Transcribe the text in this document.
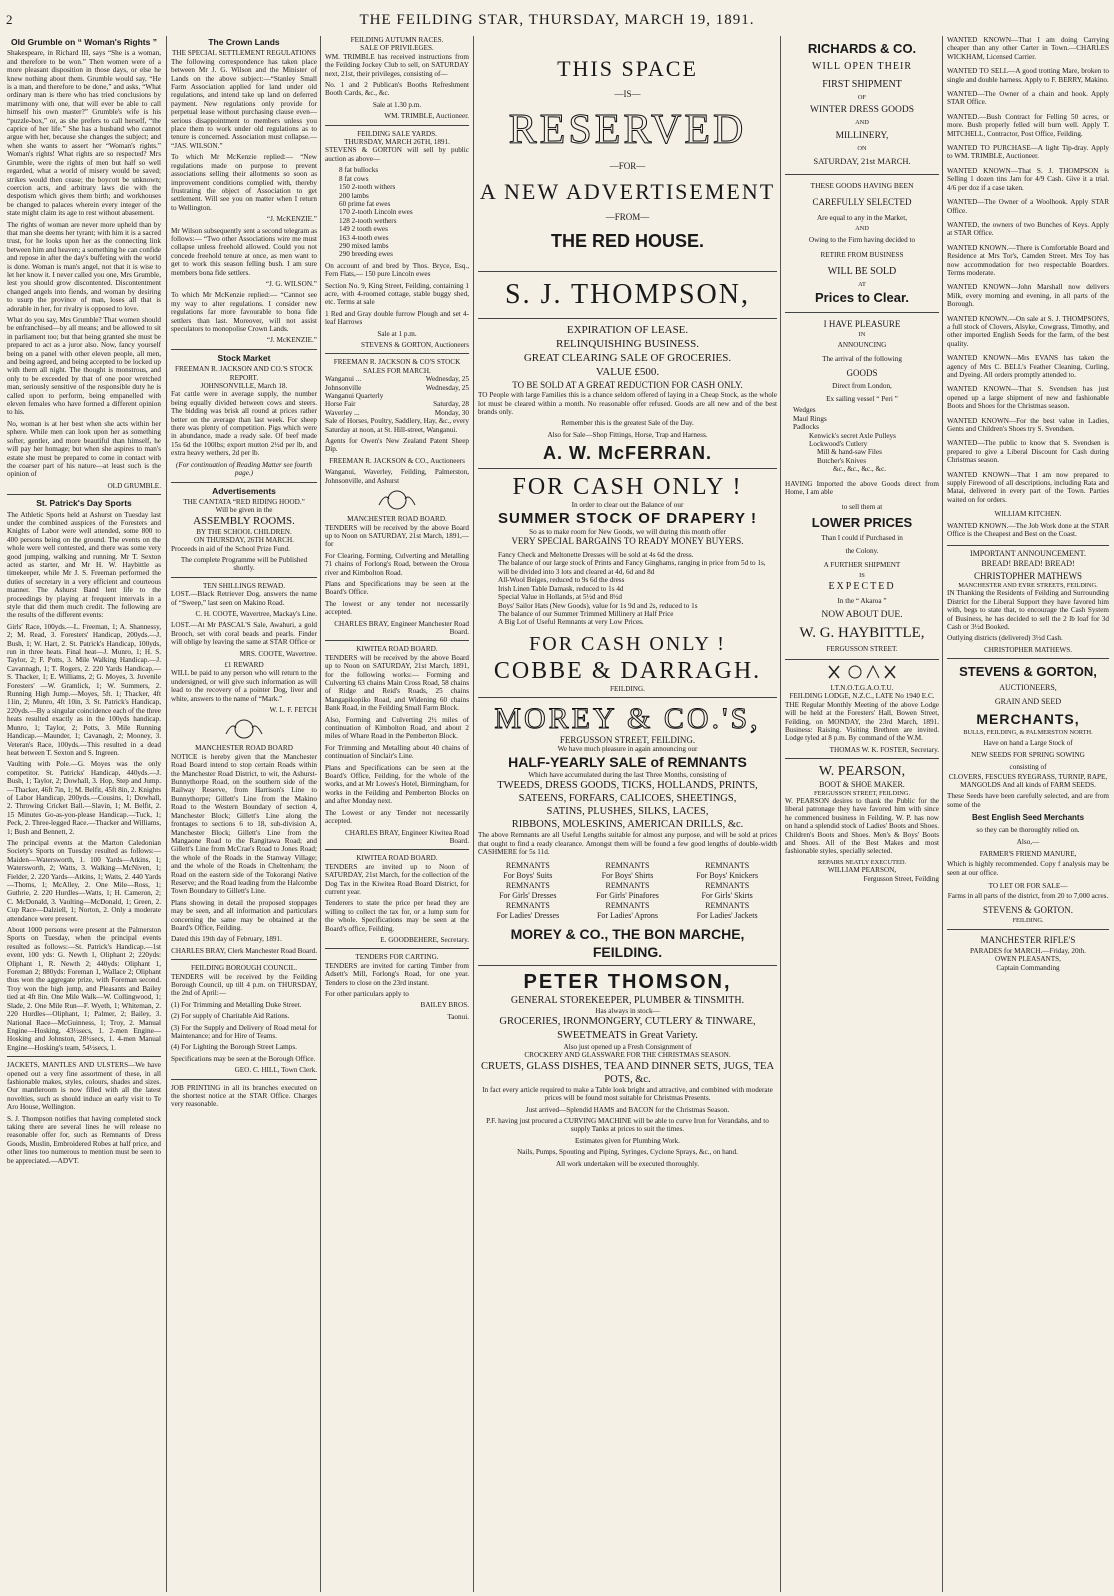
2	THE FEILDING STAR, THURSDAY, MARCH 19, 1891.
Old Grumble on “ Woman's Rights ”

Shakespeare, in Richard III, says “She is a woman, and therefore to be won.” Then women were of a more pleasant disposition in those days, or else he knew nothing about them. Grumble would say, “He is a man, and therefore to be done,” and asks, “What ordinary man is there who has tried conclusions by matrimony with one, that will ever be able to call himself his own master?” Grumble's wife is his “puzzle-box,” or, as she prefers to call herself, “the caprice of her life.” She has a husband who cannot argue with her, because she changes the subject; and when she wants to assert her “Woman's rights.” Woman's rights! What rights are so respected? Mrs Grumble, were the rights of men but half so well regarded, what a world of misery would be saved; strikes would then cease; the boycott be unknown; coercion acts, and arbitrary laws die with the despotism which gives them birth; and workhouses be changed to palaces wherein every integer of the state might claim its age to rest without abasement.

The rights of woman are never more upheld than by that man she deems her tyrant; with him it is a sacred trust, for he looks upon her as the connecting link between him and heaven; a something he can confide and repose in after the day's buffeting with the world is done. Woman is man's angel, not that it is wise to let her know it. I never called you one, Mrs Grumble, lest you should grow discontented. Discontentment changed angels into fiends, and woman by desiring to usurp the province of man, loses all that is adorable in her, for rivalry is opposed to love.

What do you say, Mrs Grumble? That women should be enfranchised—by all means; and be allowed to sit in parliament too; but that being granted she must be prepared to act as a juror also. Now, fancy yourself being on a panel with other eleven people, all men, and being agreed, and being accepted to be locked up with them all night. The thought is monstrous, and only to be exceeded by that of one poor wretched man, seriously sensitive of the responsible duty he is called upon to perform, being empanelled with eleven females who have formed a different opinion to his.

No, woman is at her best when she acts within her sphere. While men can look upon her as something softer, gentler, and more beautiful than himself, he will pay her homage; but when she aspires to man's estate she must be prepared to come in contact with the coarser part of his nature—at least such is the opinion of

OLD GRUMBLE.

St. Patrick's Day Sports

The Athletic Sports held at Ashurst on Tuesday last under the combined auspices of the Foresters and Knights of Labor were well attended, some 800 to 400 persons being on the ground. The events on the whole were well contested, and there was some very good jumping, walking and running. Mr T. Sexton acted as starter, and Mr H. W. Haybittle as timekeeper, while Mr J. S. Freeman performed the duties of secretary in a very efficient and courteous manner. The Ashurst Band lent life to the proceedings by playing at frequent intervals in a style that did them much credit. The following are the results of the different events:

Girls' Race, 100yds.—L. Freeman, 1; A. Shannessy, 2; M. Read, 3. Foresters' Handicap, 200yds.—J. Bush, 1; W. Hart, 2. St. Patrick's Handicap, 100yds, run in three heats. Final heat—J. Munro, 1; H. S. Taylor, 2; F. Potts, 3. Mile Walking Handicap.—J. Cavannagh, 1; T. Rogers, 2. 220 Yards Handicap.—S. Thacker, 1; E. Williams, 2; G. Moyes, 3. Juvenile Foresters' —W. Gramlick, 1; W. Summers, 2. Running High Jump.—Moyes, 5ft. 1; Thacker, 4ft 11in, 2; Munro, 4ft 10in, 3. St. Patrick's Handicap, 220yds.—By a singular coincidence each of the three heats resulted exactly as in the 100yds handicap. Munro, 1; Taylor, 2; Potts, 3. Mile Running Handicap.—Maunder, 1; Cavanagh, 2; Mooney, 3. Veteran's Race, 100yds.—This resulted in a dead heat between T. Sexton and S. Ingreen.

Vaulting with Pole.—G. Moyes was the only competitor. St. Patricks' Handicap, 440yds.—J. Bush, 1; Taylor, 2; Dowhall, 3. Hop, Step and Jump.—Thacker, 46ft 7in, 1; M. Belfit, 45ft 8in, 2. Knights of Labor Handicap, 200yds.—Cousins, 1; Dowhall, 2. Throwing Cricket Ball.—Slavin, 1; M. Belfit, 2. 15 Minutes Go-as-you-please Handicap.—Tuck, 1; Peck, 2. Three-legged Race.—Thacker and Williams, 1; Bush and Bennett, 2.

The principal events at the Marton Caledonian Society's Sports on Tuesday resulted as follows:—Maiden—Watersworth, 1. 100 Yards—Atkins, 1; Watersworth, 2; Watts, 3. Walking—McNiven, 1; Fielder, 2. 220 Yards—Atkins, 1; Watts, 2. 440 Yards—Thoms, 1; McAlley, 2. One Mile—Ross, 1; Guthrie, 2. 220 Hurdles—Watts, 1; H. Cameron, 2; C. McDonald, 3. Vaulting—McDonald, 1; Green, 2. Cup Race—Dalziell, 1; Norton, 2. Only a moderate attendance were present.

About 1000 persons were present at the Palmerston Sports on Tuesday, when the principal events resulted as follows:—St. Patrick's Handicap.—1st event, 100 yds: G. Newth 1, Oliphant 2; 220yds: Oliphant 1, R. Newth 2; 440yds: Oliphant 1, Foreman 2; 880yds: Foreman 1, Wallace 2; Oliphant thus won the aggregate prize, with Foreman second. Troy won the high jump, and Pleasants and Bailey tied at 4ft 8in. One Mile Walk—W. Collingwood, 1; Slade, 2. One Mile Run—F. Wyeth, 1; Whiteman, 2. 220 Hurdles—Oliphant, 1; Palmer, 2; Bailey, 3. National Race—McGuinness, 1; Troy, 2. Manual Engine—Hosking, 43½secs, 1. 2-men Engine—Hosking and Johnston, 28½secs, 1. 4-men Manual Engine—Hosking's team, 54½secs, 1.

JACKETS, MANTLES AND ULSTERS—We have opened out a very fine assortment of these, in all fashionable makes, styles, colours, shades and sizes. Our mantleroom is now filled with all the latest novelties, such as should induce an early visit to Te Aro House, Wellington.

S. J. Thompson notifies that having completed stock taking there are several lines he will release no reasonable offer for, such as Remnants of Dress Goods, Muslin, Embroidered Robes at half price, and other lines too numerous to mention must be seen to be appreciated.—ADVT.

The Crown Lands
THE SPECIAL SETTLEMENT REGULATIONS

The following correspondence has taken place between Mr J. G. Wilson and the Minister of Lands on the above subject:—“Stanley Small Farm Association applied for land under old regulations, and intend take up land on deferred payment. New regulations only provide for perpetual lease without purchasing clause even—serious disappointment to members unless you place them to work under old regulations as to tenure is concerned. Association must collapse.— “JAS. WILSON.”

To which Mr McKenzie replied:— “New regulations made on purpose to prevent associations selling their allotments so soon as improvement conditions complied with, thereby frustrating the object of Association to get settlement. Will see you on matter when I return to Wellington.

“J. McKENZIE.”

Mr Wilson subsequently sent a second telegram as follows:— “Two other Associations wire me must collapse unless freehold allowed. Could you not concede freehold tenure at once, as men want to get to work this season felling bush. I am sure members bona fide settlers.

“J. G. WILSON.”

To which Mr McKenzie replied:— “Cannot see my way to alter regulations. I consider new regulations far more favourable to bona fide settlers than last. Moreover, will not assist speculators to monopolise Crown Lands.

“J. McKENZIE.”

Stock Market
FREEMAN R. JACKSON AND CO.'S STOCK REPORT.
JOHNSONVILLE, March 18.

Fat cattle were in average supply, the number being equally divided between cows and steers. The bidding was brisk all round at prices rather better on the average than last week. For sheep there was plenty of competition. Pigs which were in abundance, made a ready sale. Of beef made 15s 6d the 100lbs; export mutton 2½d per lb, and extra heavy wethers, 2d per lb.

(For continuation of Reading Matter see fourth page.)

Advertisements
THE CANTATA “RED RIDING HOOD.”
Will be given in the
ASSEMBLY ROOMS.
BY THE SCHOOL CHILDREN.
ON THURSDAY, 26TH MARCH.

Proceeds in aid of the School Prize Fund.

The complete Programme will be Published shortly.

TEN SHILLINGS REWAD.

LOST.—Black Retriever Dog, answers the name of “Sweep,” last seen on Makino Road.

C. H. COOTE, Wavertree, Mackay's Line.

LOST.—At Mr PASCAL'S Sale, Awahuri, a gold Brooch, set with coral beads and pearls. Finder will oblige by leaving the same at STAR Office or

MRS. COOTE, Wavertree.

£1 REWARD

WILL be paid to any person who will return to the undersigned, or will give such information as will lead to the recovery of a pointer Dog, liver and white, answers to the name of “Mark.”

W. L. F. FETCH

MANCHESTER ROAD BOARD

NOTICE is hereby given that the Manchester Road Board intend to stop certain Roads within the Manchester Road District, to wit, the Ashurst-Bunnythorpe Road, on the southern side of the Railway Reserve, from Harrison's Line to Bunnythorpe; Gillett's Line from the Makino Road to the Western Boundary of section 4, Manchester Block; Gillett's Line along the frontages to sections 6 to 18, sub-division A, Manchester Block; Gillett's Line from the Mangaone Road to the Rangitawa Road; and Gillett's Line from McCrae's Road to Jones Road; the whole of the Roads in the Stanway Village; and the whole of the Roads in Cheltenham; the Road on the eastern side of the Tokorangi Native Reserve; and the Road leading from the Halcombe Town Boundary to Gillett's Line.

Plans showing in detail the proposed stoppages may be seen, and all information and particulars concerning the same may be obtained at the Board's Office, Feilding.

Dated this 19th day of February, 1891.

CHARLES BRAY, Clerk Manchester Road Board.

FEILDING BOROUGH COUNCIL.

TENDERS will be received by the Feilding Borough Council, up till 4 p.m. on THURSDAY, the 2nd of April:—

(1) For Trimming and Metalling Duke Street.

(2) For supply of Charitable Aid Rations.

(3) For the Supply and Delivery of Road metal for Maintenance; and for Hire of Teams.

(4) For Lighting the Borough Street Lamps.

Specifications may be seen at the Borough Office.

GEO. C. HILL, Town Clerk.

JOB PRINTING in all its branches executed on the shortest notice at the STAR Office. Charges very reasonable.

FEILDING AUTUMN RACES.
SALE OF PRIVILEGES.

WM. TRIMBLE has received instructions from the Feilding Jockey Club to sell, on SATURDAY next, 21st, their privileges, consisting of—

No. 1 and 2 Publican's Booths Refreshment Booth Cards, &c., &c.

Sale at 1.30 p.m.

WM. TRIMBLE, Auctioneer.

FEILDING SALE YARDS.
THURSDAY, MARCH 26TH, 1891.

STEVENS & GORTON will sell by public auction as above—

8 fat bullocks
8 fat cows
150 2-tooth withers
200 lambs
60 prime fat ewes
170 2-tooth Lincoln ewes
128 2-tooth wethers
149 2 tooth ewes
163 4-tooth ewes
290 mixed lambs
290 breeding ewes

On account of and bred by Thos. Bryce, Esq., Fern Flats,— 150 pure Lincoln ewes

Section No. 9, King Street, Feilding, containing 1 acre, with 4-roomed cottage, stable buggy shed, etc. Terms at sale

1 Red and Gray double furrow Plough and set 4-leaf Harrows

Sale at 1 p.m.

STEVENS & GORTON, Auctioneers

FREEMAN R. JACKSON & CO'S STOCK SALES FOR MARCH.
Wanganui ...	Wednesday, 25
Johnsonville	Wednesday, 25
Wanganui Quarterly
Horse Fair	Saturday, 28
Waverley ...	Monday, 30

Sale of Horses, Poultry, Saddlery, Hay, &c., every Saturday at noon, at St. Hill-street, Wanganui.

Agents for Owen's New Zealand Patent Sheep Dip.

FREEMAN R. JACKSON & CO., Auctioneers

Wanganui, Waverley, Feilding, Palmerston, Johnsonville, and Ashurst

MANCHESTER ROAD BOARD.

TENDERS will be received by the above Board up to Noon on SATURDAY, 21st March, 1891,—for

For Clearing, Forming, Culverting and Metalling 71 chains of Forlong's Road, between the Oroua river and Kimbolton Road.

Plans and Specifications may be seen at the Board's Office.

The lowest or any tender not necessarily accepted.

CHARLES BRAY, Engineer Manchester Road Board.

KIWITEA ROAD BOARD.

TENDERS will be received by the above Board up to Noon on SATURDAY, 21st March, 1891, for the following works:— Forming and Culverting 63 chains Main Cross Road, 58 chains of Ridge and Reid's Roads, 25 chains Mangapikopiko Road, and Widening 60 chains Bank Road, in the Feilding Small Farm Block.

Also, Forming and Culverting 2½ miles of continuation of Kimbolton Road, and about 2 miles of Whare Road in the Pemberton Block.

For Trimming and Metalling about 40 chains of continuation of Sinclair's Line.

Plans and Specifications can be seen at the Board's Office, Feilding, for the whole of the works, and at Mr Lowes's Hotel, Birmingham, for works in the Feilding and Pemberton Blocks on and after Monday next.

The Lowest or any Tender not necessarily accepted.

CHARLES BRAY, Engineer Kiwitea Road Board.

KIWITEA ROAD BOARD.

TENDERS are invited up to Noon of SATURDAY, 21st March, for the collection of the Dog Tax in the Kiwitea Road Board District, for current year.

Tenderers to state the price per head they are willing to collect the tax for, or a lump sum for the whole. Specifications may be seen at the Board's office, Feilding.

E. GOODBEHERE, Secretary.

TENDERS FOR CARTING.

TENDERS are invited for carting Timber from Adsett's Mill, Forlong's Road, for one year. Tenders to close on the 23rd instant.

For other particulars apply to

BAILEY BROS.

Taonui.

THIS SPACE
—IS—
RESERVED
—FOR—
A NEW ADVERTISEMENT
—FROM—
THE RED HOUSE.
S. J. THOMPSON,
EXPIRATION OF LEASE.
RELINQUISHING BUSINESS.
GREAT CLEARING SALE OF GROCERIES.
VALUE £500.
TO BE SOLD AT A GREAT REDUCTION FOR CASH ONLY.

TO People with large Families this is a chance seldom offered of laying in a Cheap Stock, as the whole lot must be cleared within a month. No reasonable offer refused. Goods are all new and of the best brands only.

Remember this is the greatest Sale of the Day.

Also for Sale—Shop Fittings, Horse, Trap and Harness.

A. W. McFERRAN.
FOR CASH ONLY !
In order to clear out the Balance of our
SUMMER STOCK OF DRAPERY !
So as to make room for New Goods, we will during this month offer
VERY SPECIAL BARGAINS TO READY MONEY BUYERS.
Fancy Check and Meltonette Dresses will be sold at 4s 6d the dress.
The balance of our large stock of Prints and Fancy Ginghams, ranging in price from 5d to 1s, will be divided into 3 lots and cleared at 4d, 6d and 8d
All-Wool Beiges, reduced to 9s 6d the dress
Irish Linen Table Damask, reduced to 1s 4d
Special Value in Hollands, at 5½d and 8½d
Boys' Sailor Hats (New Goods), value for 1s 9d and 2s, reduced to 1s
The balance of our Summer Trimmed Millinery at Half Price
A Big Lot of Useful Remnants at very Low Prices.
FOR CASH ONLY !
COBBE & DARRAGH.
FEILDING.
MOREY & CO.'S,
FERGUSSON STREET, FEILDING.
We have much pleasure in again announcing our
HALF-YEARLY SALE of REMNANTS
Which have accumulated during the last Three Months, consisting of
TWEEDS, DRESS GOODS, TICKS, HOLLANDS, PRINTS,
SATEENS, FORFARS, CALICOES, SHEETINGS,
SATINS, PLUSHES, SILKS, LACES,
RIBBONS, MOLESKINS, AMERICAN DRILLS, &c.

The above Remnants are all Useful Lengths suitable for almost any purpose, and will be sold at prices that ought to find a ready clearance. Amongst them will be found a few good lengths of double-width CASHMERE for 5s 11d.

REMNANTS	REMNANTS	REMNANTS
For Boys' Suits	For Boys' Shirts	For Boys' Knickers
REMNANTS	REMNANTS	REMNANTS
For Girls' Dresses	For Girls' Pinafores	For Girls' Skirts
REMNANTS	REMNANTS	REMNANTS
For Ladies' Dresses	For Ladies' Aprons	For Ladies' Jackets
MOREY & CO., THE BON MARCHE, FEILDING.
PETER THOMSON,
GENERAL STOREKEEPER, PLUMBER & TINSMITH.
Has always in stock—
GROCERIES, IRONMONGERY, CUTLERY & TINWARE,
SWEETMEATS in Great Variety.
Also just opened up a Fresh Consignment of
CROCKERY AND GLASSWARE FOR THE CHRISTMAS SEASON.
CRUETS, GLASS DISHES, TEA AND DINNER SETS, JUGS, TEA POTS, &c.

In fact every article required to make a Table look bright and attractive, and combined with moderate prices will be found most suitable for Christmas Presents.

Just arrived—Splendid HAMS and BACON for the Christmas Season.

P.F. having just procured a CURVING MACHINE will be able to curve Iron for Verandahs, and to supply Tanks at prices to suit the times.

Estimates given for Plumbing Work.

Nails, Pumps, Spouting and Piping, Syringes, Cyclone Sprays, &c., on hand.

All work undertaken will be executed thoroughly.

RICHARDS & CO.
WILL OPEN THEIR
FIRST SHIPMENT
OF
WINTER DRESS GOODS
AND
MILLINERY,
ON
SATURDAY, 21st MARCH.
THESE GOODS HAVING BEEN
CAREFULLY SELECTED
Are equal to any in the Market,
AND
Owing to the Firm having decided to
RETIRE FROM BUSINESS
WILL BE SOLD
AT
Prices to Clear.
I HAVE PLEASURE
IN
ANNOUNCING
The arrival of the following
GOODS
Direct from London,
Ex sailing vessel “ Peri ”
Wedges
Maul Rings
Padlocks
Kenwick's secret Axle Pulleys
Lockwood's Cutlery
Mill & hand-saw Files
Butcher's Knives
&c., &c., &c., &c.

HAVING Imported the above Goods direct from Home, I am able

to sell them at
LOWER PRICES
Than I could if Purchased in
the Colony.
A FURTHER SHIPMENT
IS
EXPECTED
In the “ Akaroa ”
NOW ABOUT DUE.
W. G. HAYBITTLE,
FERGUSSON STREET.
I.T.N.O.T.G.A.O.T.U.
FEILDING LODGE, N.Z.C., LATE No 1940 E.C.

THE Regular Monthly Meeting of the above Lodge will be held at the Foresters' Hall, Bowen Street, Feilding, on MONDAY, the 23rd March, 1891. Business: Raising. Visiting Brethren are invited. Lodge tyled at 8 p.m. By command of the W.M.

THOMAS W. K. FOSTER, Secretary.

W. PEARSON,
BOOT & SHOE MAKER.
FERGUSSON STREET, FEILDING.

W. PEARSON desires to thank the Public for the liberal patronage they have favored him with since he commenced business in Feilding. W. P. has now on hand a splendid stock of Ladies' Boots and Shoes. Children's Boots and Shoes. Men's & Boys' Boots and Shoes. All of the Best Makes and most fashionable styles, specially selected.

REPAIRS NEATLY EXECUTED.
WILLIAM PEARSON,
Fergusson Street, Feilding

WANTED KNOWN—That I am doing Carrying cheaper than any other Carter in Town.—CHARLES WICKHAM, Licensed Carrier.

WANTED TO SELL—A good trotting Mare, broken to single and double harness. Apply to F. BERRY, Makino.

WANTED—The Owner of a chain and hook. Apply STAR Office.

WANTED.—Bush Contract for Felling 50 acres, or more. Bush properly felled will burn well. Apply T. MITCHELL, Contractor, Post Office, Feilding.

WANTED TO PURCHASE—A light Tip-dray. Apply to WM. TRIMBLE, Auctioneer.

WANTED KNOWN—That S. J. THOMPSON is Selling 1 dozen tins Jam for 4/9 Cash. Give it a trial. 4/6 per doz if a case taken.

WANTED—The Owner of a Woolhook. Apply STAR Office.

WANTED, the owners of two Bunches of Keys. Apply at STAR Office.

WANTED KNOWN.—There is Comfortable Board and Residence at Mrs Tor's, Camden Street. Mrs Toy has now accommodation for two respectable Boarders. Terms moderate.

WANTED KNOWN—John Marshall now delivers Milk, every morning and evening, in all parts of the Borough.

WANTED KNOWN.—On sale at S. J. THOMPSON'S, a full stock of Clovers, Alsyke, Cowgrass, Timothy, and other imported English Seeds for the farm, of the best quality.

WANTED KNOWN—Mrs EVANS has taken the agency of Mrs C. BELL's Feather Cleaning, Curling, and Dyeing. All orders promptly attended to.

WANTED KNOWN—That S. Svendsen has just opened up a large shipment of new and fashionable Boots and Shoes for the Christmas season.

WANTED KNOWN—For the best value in Ladies, Gents and Children's Shoes try S. Svendsen.

WANTED—The public to know that S. Svendsen is prepared to give a Liberal Discount for Cash during Christmas season.

WANTED KNOWN—That I am now prepared to supply Firewood of all descriptions, including Rata and Matai, delivered in every part of the Town. Parties waited on for orders.

WILLIAM KITCHEN.

WANTED KNOWN.—The Job Work done at the STAR Office is the Cheapest and Best on the Coast.

IMPORTANT ANNOUNCEMENT.
BREAD! BREAD! BREAD!
CHRISTOPHER MATHEWS
MANCHESTER AND EYRE STREETS, FEILDING.

IN Thanking the Residents of Feilding and Surrounding District for the Liberal Support they have favored him with, begs to state that, to encourage the Cash System of Business, he has decided to sell the 2 lb loaf for 3d Cash or 3½d Booked.

Outlying districts (delivered) 3½d Cash.

CHRISTOPHER MATHEWS.
STEVENS & GORTON,
AUCTIONEERS,
GRAIN AND SEED
MERCHANTS,
BULLS, FEILDING, & PALMERSTON NORTH.
Have on hand a Large Stock of
NEW SEEDS FOR SPRING SOWING
consisting of

CLOVERS, FESCUES RYEGRASS, TURNIP, RAPE, MANGOLDS And all kinds of FARM SEEDS.

These Seeds have been carefully selected, and are from some of the

Best English Seed Merchants
so they can be thoroughly relied on.
Also,—
FARMER'S FRIEND MANURE,

Which is highly recommended. Copy f analysis may be seen at our office.

TO LET OR FOR SALE—

Farms in all parts of the district, from 20 to 7,000 acres.

STEVENS & GORTON.
FEILDING.
MANCHESTER RIFLE'S
PARADES for MARCH.—Friday, 20th.
OWEN PLEASANTS,
Captain Commanding
